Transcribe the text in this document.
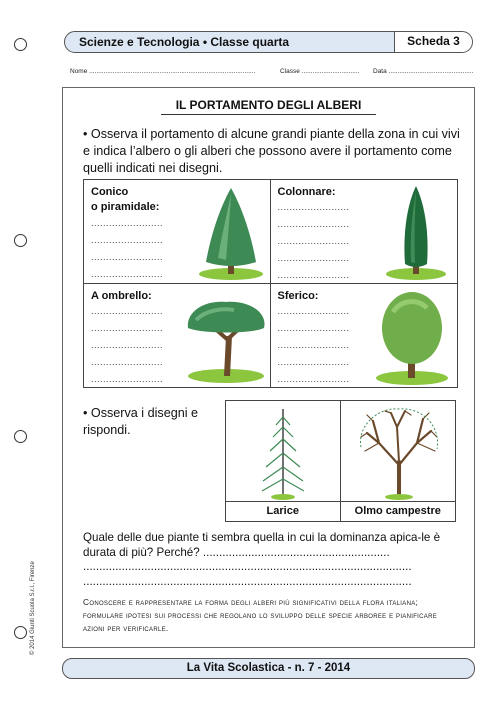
Scienze e Tecnologia • Classe quarta	Scheda 3
Nome ............................................................................................	Classe ................................ Data ...............................................
IL PORTAMENTO DEGLI ALBERI
• Osserva il portamento di alcune grandi piante della zona in cui vivi e indica l’albero o gli alberi che possono avere il portamento come quelli indicati nei disegni.
Conico
o piramidale:
........................
........................
........................
........................
Colonnare:
........................
........................
........................
........................
........................
A ombrello:
........................
........................
........................
........................
........................
Sferico:
........................
........................
........................
........................
........................
• Osserva i disegni e rispondi.
Larice	Olmo campestre
Quale delle due piante ti sembra quella in cui la dominanza apica-le è durata di più? Perché? ..........................................................
......................................................................................................
......................................................................................................
Conoscere e rappresentare la forma degli alberi più significativi della flora italiana; formulare ipotesi sui processi che regolano lo sviluppo delle specie arboree e pianificare azioni per verificarle.
© 2014 Giunti Scuola S.r.l., Firenze
La Vita Scolastica - n. 7 - 2014
